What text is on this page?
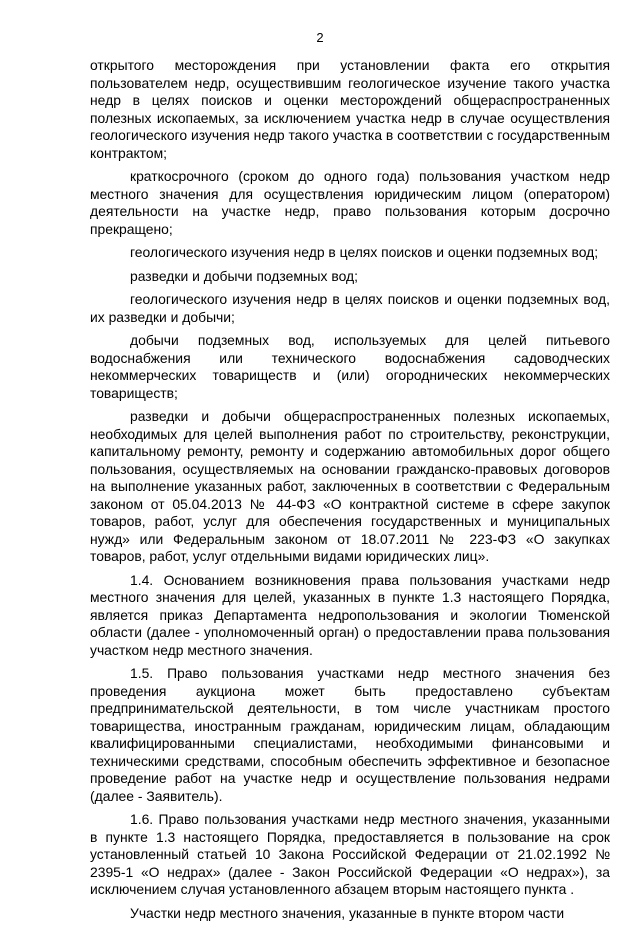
2

открытого месторождения при установлении факта его открытия пользователем недр, осуществившим геологическое изучение такого участка недр в целях поисков и оценки месторождений общераспространенных полезных ископаемых, за исключением участка недр в случае осуществления геологического изучения недр такого участка в соответствии с государственным контрактом;

краткосрочного (сроком до одного года) пользования участком недр местного значения для осуществления юридическим лицом (оператором) деятельности на участке недр, право пользования которым досрочно прекращено;

геологического изучения недр в целях поисков и оценки подземных вод;

разведки и добычи подземных вод;

геологического изучения недр в целях поисков и оценки подземных вод, их разведки и добычи;

добычи подземных вод, используемых для целей питьевого водоснабжения или технического водоснабжения садоводческих некоммерческих товариществ и (или) огороднических некоммерческих товариществ;

разведки и добычи общераспространенных полезных ископаемых, необходимых для целей выполнения работ по строительству, реконструкции, капитальному ремонту, ремонту и содержанию автомобильных дорог общего пользования, осуществляемых на основании гражданско-правовых договоров на выполнение указанных работ, заключенных в соответствии с Федеральным законом от 05.04.2013 № 44-ФЗ «О контрактной системе в сфере закупок товаров, работ, услуг для обеспечения государственных и муниципальных нужд» или Федеральным законом от 18.07.2011 № 223-ФЗ «О закупках товаров, работ, услуг отдельными видами юридических лиц».

1.4. Основанием возникновения права пользования участками недр местного значения для целей, указанных в пункте 1.3 настоящего Порядка, является приказ Департамента недропользования и экологии Тюменской области (далее - уполномоченный орган) о предоставлении права пользования участком недр местного значения.

1.5. Право пользования участками недр местного значения без проведения аукциона может быть предоставлено субъектам предпринимательской деятельности, в том числе участникам простого товарищества, иностранным гражданам, юридическим лицам, обладающим квалифицированными специалистами, необходимыми финансовыми и техническими средствами, способным обеспечить эффективное и безопасное проведение работ на участке недр и осуществление пользования недрами (далее - Заявитель).

1.6. Право пользования участками недр местного значения, указанными в пункте 1.3 настоящего Порядка, предоставляется в пользование на срок установленный статьей 10 Закона Российской Федерации от 21.02.1992 № 2395-1 «О недрах» (далее - Закон Российской Федерации «О недрах»), за исключением случая установленного абзацем вторым настоящего пункта .

Участки недр местного значения, указанные в пункте втором части
